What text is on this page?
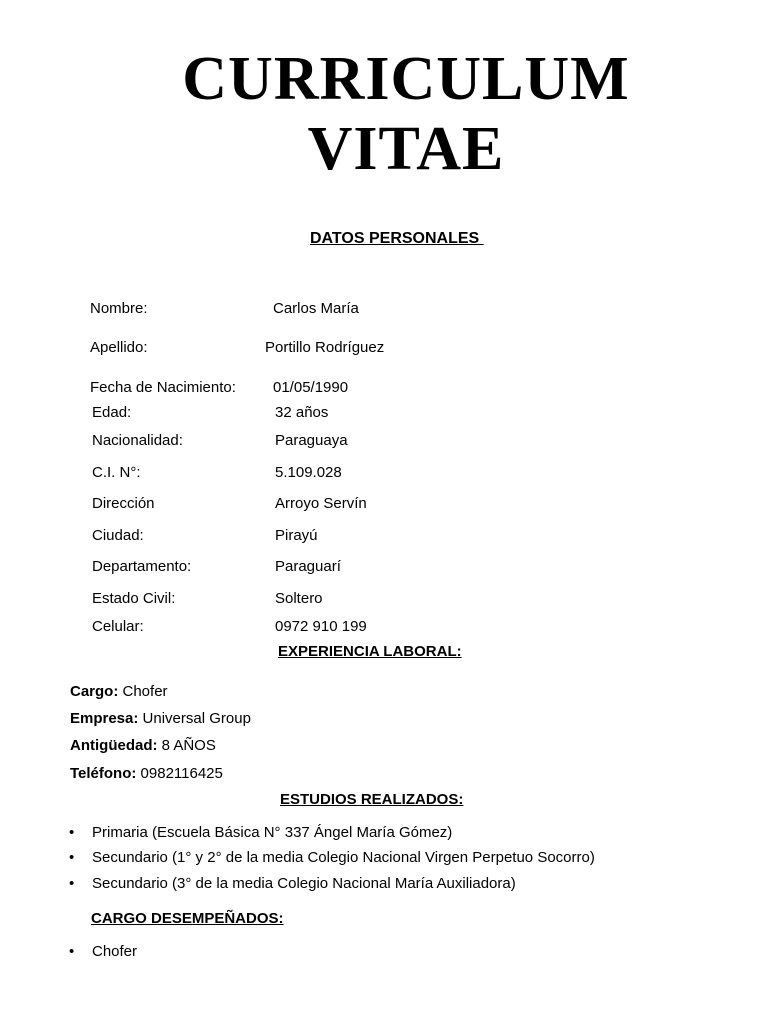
CURRICULUM
VITAE
DATOS PERSONALES
Nombre:	Carlos María
Apellido:	Portillo Rodríguez
Fecha de Nacimiento: 01/05/1990
Edad:	32 años
Nacionalidad:	Paraguaya
C.I. N°:	5.109.028
Dirección	Arroyo Servín
Ciudad:	Pirayú
Departamento:	Paraguarí
Estado Civil:	Soltero
Celular:	0972 910 199
EXPERIENCIA LABORAL:
Cargo: Chofer
Empresa: Universal Group
Antigüedad: 8 AÑOS
Teléfono: 0982116425
ESTUDIOS REALIZADOS:

•

Primaria (Escuela Básica N° 337 Ángel María Gómez)

•

Secundario (1° y 2° de la media Colegio Nacional Virgen Perpetuo Socorro)

•

Secundario (3° de la media Colegio Nacional María Auxiliadora)

CARGO DESEMPEÑADOS:

•

Chofer
